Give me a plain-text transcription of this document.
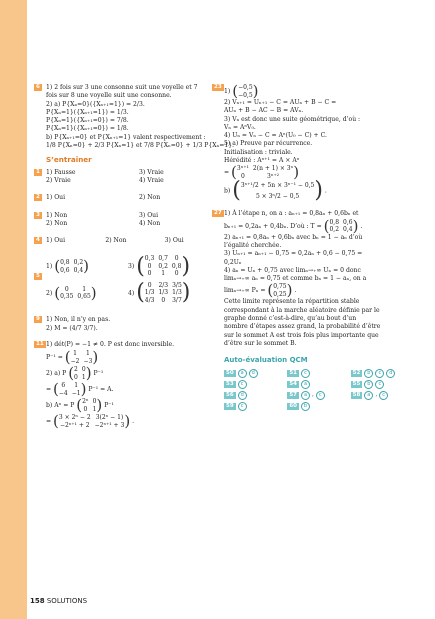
6 1) 2 fois sur 3 une consonne suit une voyelle et 7
fois sur 8 une voyelle suit une consonne.
2) a) P{Xₙ=0}({Xₙ₊₁=1}) = 2/3.
P{Xₙ=1}({Xₙ₊₁=1}) = 1/3.
P{Xₙ=1}({Xₙ₊₁=0}) = 7/8.
P{Xₙ=1}({Xₙ₊₁=0}) = 1/8.
b) P{Xₙ₊₁=0} et P{Xₙ₊₁=1} valent respectivement :
1/8 P{Xₙ=0} + 2/3 P{Xₙ=1} et 7/8 P{Xₙ=0} + 1/3 P{Xₙ=1}.
S’entraîner
1 1) Fausse	3) Vraie
2) Vraie	4) Vraie
2 1) Oui	2) Non
3 1) Non	3) Oui
2) Non	4) Non
4 1) Oui	2) Non	3) Oui
5
1) ( 0,8 0,2
0,6 0,4 )	3) ( 0,3 0,7	0
0	0,2 0,8
0	1	0 )
2) ( 0	1
0,35 0,65 )	4) ( 0	2/3 3/5
1/3 1/3 1/3
4/3	0	3/7 )
9 1) Non, il n’y en pas.
2) M = (4/7 3/7).
11 1) dét(P) = −1 ≠ 0. P est donc inversible.
P⁻¹ = ( 1	1
−2 −3 )
2) a) P ( 2 0
0 1 ) P⁻¹
= ( 6	1
−4 −1 ) P⁻¹ = A.
b) Aⁿ = P ( 2ⁿ 0
0 1 ) P⁻¹
= ( 3 × 2ⁿ − 2 3(2ⁿ − 1)
−2ⁿ⁺¹ + 2 −2ⁿ⁺¹ + 3 ) .
23
1) ( −0,5
−0,5 )
2) Vₙ₊₁ = Uₙ₊₁ − C = AUₙ + B − C =
AUₙ + B − AC − B = AVₙ.
3) Vₙ est donc une suite géométrique, d’où :
Vₙ = AⁿV₀.
4) Uₙ = Vₙ − C = Aⁿ(U₀ − C) + C.
5) a) Preuve par récurrence.
Initialisation : triviale.
Hérédité : Aⁿ⁺¹ = A × Aⁿ
= ( 3ⁿ⁺¹ 2(n + 1) × 3ⁿ
0	3ⁿ⁺² )
b) ( 3ⁿ⁺¹/2 + 5n × 3ⁿ⁻¹ − 0,5
5 × 3ⁿ/2 − 0,5 ) .
27 1) À l’étape n, on a : aₙ₊₁ = 0,8aₙ + 0,6bₙ et
bₙ₊₁ = 0,2aₙ + 0,4bₙ. D’où : T = ( 0,8 0,6
0,2 0,4 ) .
2) aₙ₊₁ = 0,8aₙ + 0,6bₙ avec bₙ = 1 − aₙ d’où
l’égalité cherchée.
3) Uₙ₊₁ = aₙ₊₁ − 0,75 = 0,2aₙ + 0,6 − 0,75 =
0,2Uₙ
4) aₙ = Uₙ + 0,75 avec limₙ→₊∞ Uₙ = 0 donc
limₙ→₊∞ aₙ = 0,75 et comme bₙ = 1 − aₙ, on a
limₙ→₊∞ Pₙ = ( 0,75
0,25 ) .
Cette limite représente la répartition stable
correspondant à la marche aléatoire définie par le
graphe donné c’est-à-dire, qu’au bout d’un
nombre d’étapes assez grand, la probabilité d’être
sur le sommet A est trois fois plus importante que
d’être sur le sommet B.
Auto-évaluation QCM
50	a	d	51	c	52	b	c	d
53	c	54	a	55	b	c
56	d	57	a ,	c	58	a ,	c
59	c	60	b
158 SOLUTIONS
